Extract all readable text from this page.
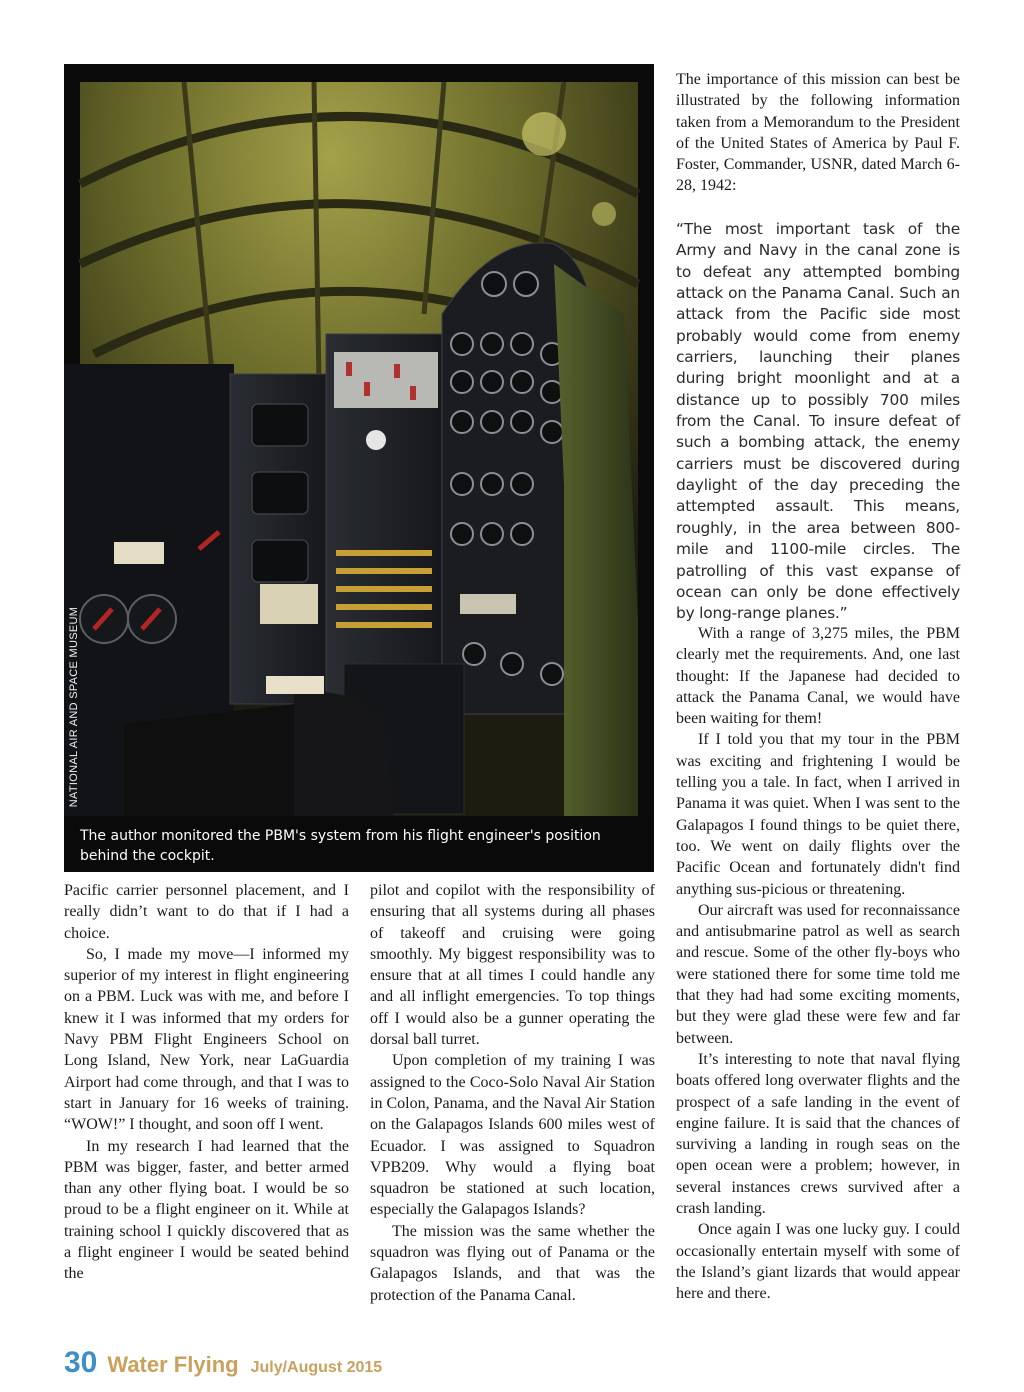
NATIONAL AIR AND SPACE MUSEUM
The author monitored the PBM's system from his flight engineer's position behind the cockpit.

Pacific carrier personnel placement, and I really didn’t want to do that if I had a choice.

So, I made my move—I informed my superior of my interest in flight engineering on a PBM. Luck was with me, and before I knew it I was informed that my orders for Navy PBM Flight Engineers School on Long Island, New York, near LaGuardia Airport had come through, and that I was to start in January for 16 weeks of training. “WOW!” I thought, and soon off I went.

In my research I had learned that the PBM was bigger, faster, and better armed than any other flying boat. I would be so proud to be a flight engineer on it. While at training school I quickly discovered that as a flight engineer I would be seated behind the

pilot and copilot with the responsibility of ensuring that all systems during all phases of takeoff and cruising were going smoothly. My biggest responsibility was to ensure that at all times I could handle any and all inflight emergencies. To top things off I would also be a gunner operating the dorsal ball turret.

Upon completion of my training I was assigned to the Coco-Solo Naval Air Station in Colon, Panama, and the Naval Air Station on the Galapagos Islands 600 miles west of Ecuador. I was assigned to Squadron VPB209. Why would a flying boat squadron be stationed at such location, especially the Galapagos Islands?

The mission was the same whether the squadron was flying out of Panama or the Galapagos Islands, and that was the protection of the Panama Canal.

The importance of this mission can best be illustrated by the following information taken from a Memorandum to the President of the United States of America by Paul F. Foster, Commander, USNR, dated March 6-28, 1942:

“The most important task of the Army and Navy in the canal zone is to defeat any attempted bombing attack on the Panama Canal. Such an attack from the Pacific side most probably would come from enemy carriers, launching their planes during bright moonlight and at a distance up to possibly 700 miles from the Canal. To insure defeat of such a bombing attack, the enemy carriers must be discovered during daylight of the day preceding the attempted assault. This means, roughly, in the area between 800-mile and 1100-mile circles. The patrolling of this vast expanse of ocean can only be done effectively by long-range planes.”

With a range of 3,275 miles, the PBM clearly met the requirements. And, one last thought: If the Japanese had decided to attack the Panama Canal, we would have been waiting for them!

If I told you that my tour in the PBM was exciting and frightening I would be telling you a tale. In fact, when I arrived in Panama it was quiet. When I was sent to the Galapagos I found things to be quiet there, too. We went on daily flights over the Pacific Ocean and fortunately didn't find anything sus-picious or threatening.

Our aircraft was used for reconnaissance and antisubmarine patrol as well as search and rescue. Some of the other fly-boys who were stationed there for some time told me that they had had some exciting moments, but they were glad these were few and far between.

It’s interesting to note that naval flying boats offered long overwater flights and the prospect of a safe landing in the event of engine failure. It is said that the chances of surviving a landing in rough seas on the open ocean were a problem; however, in several instances crews survived after a crash landing.

Once again I was one lucky guy. I could occasionally entertain myself with some of the Island’s giant lizards that would appear here and there.

30 Water Flying July/August 2015
